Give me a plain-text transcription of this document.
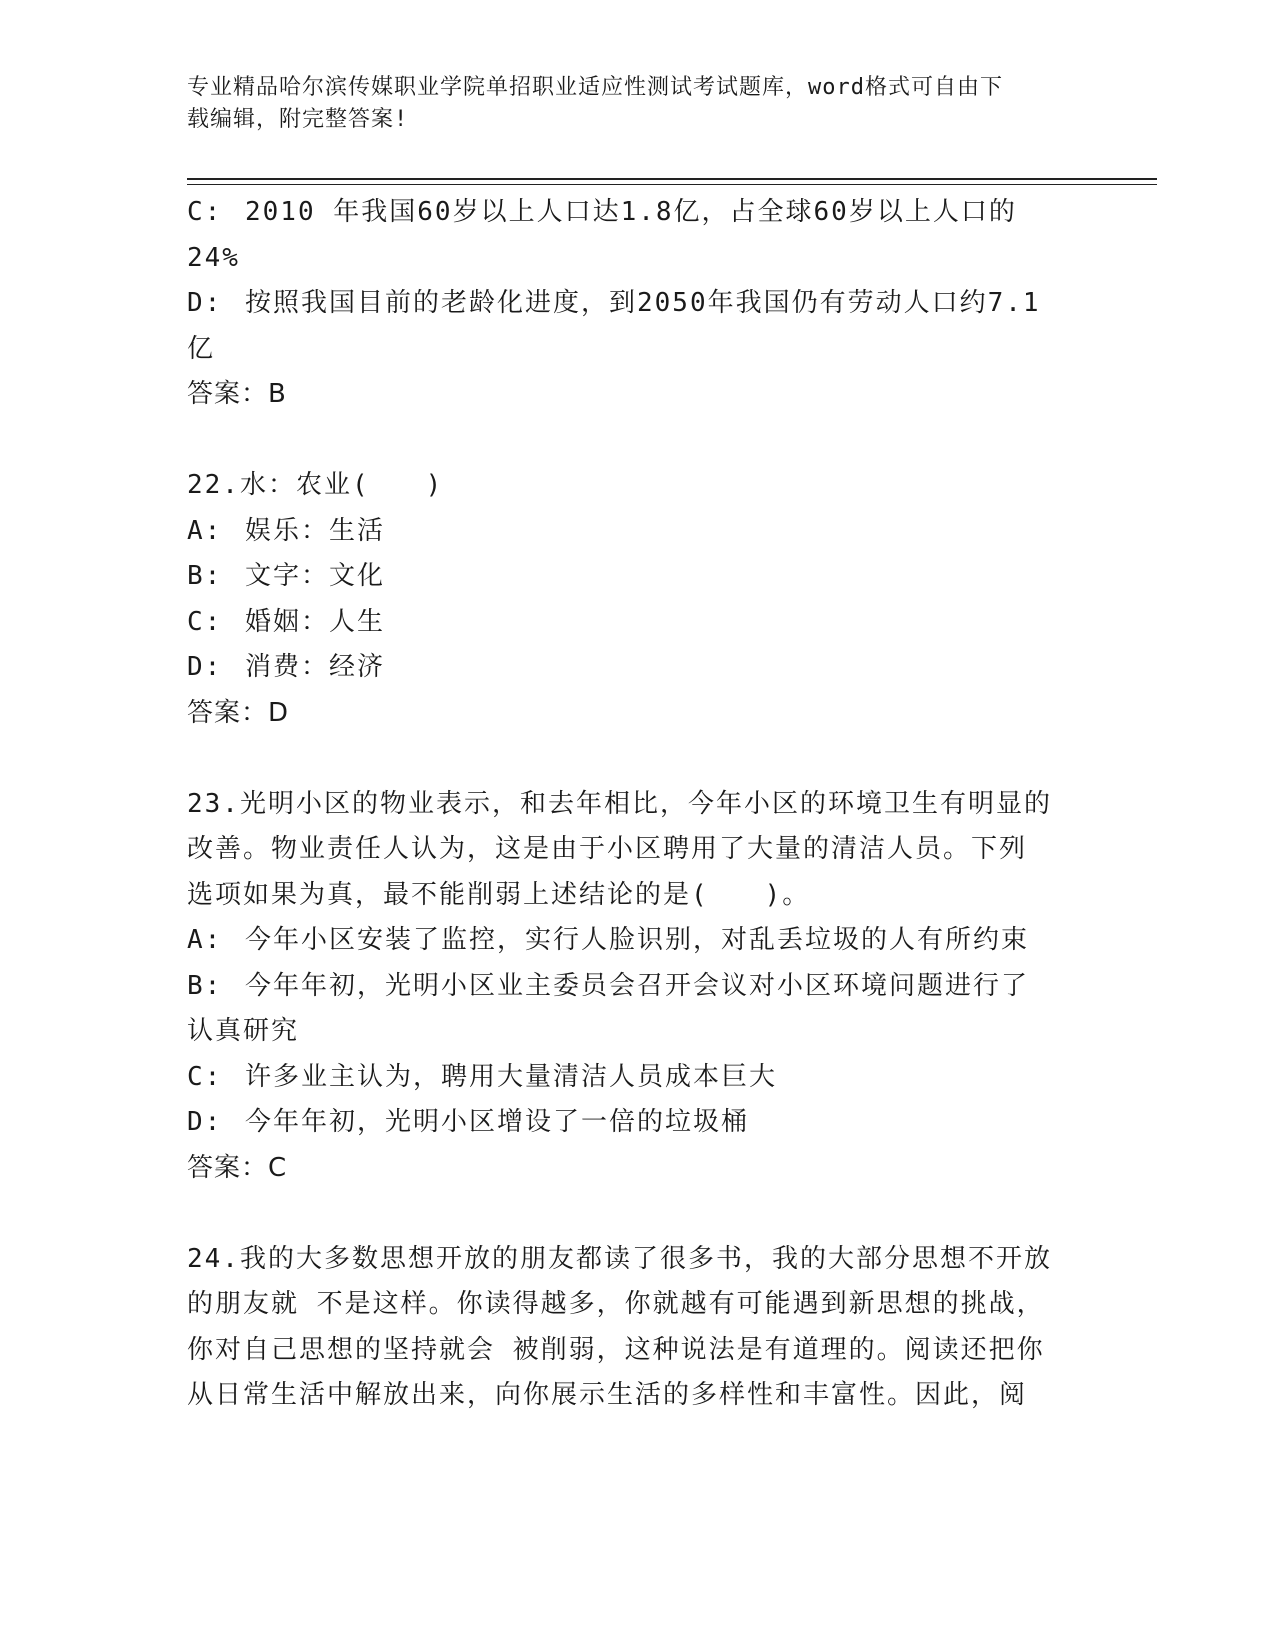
专业精品哈尔滨传媒职业学院单招职业适应性测试考试题库，word格式可自由下
载编辑，附完整答案!
C: 2010 年我国60岁以上人口达1.8亿，占全球60岁以上人口的

24%

D: 按照我国目前的老龄化进度，到2050年我国仍有劳动人口约7.1

亿

答案：B

22.水：农业(　　)

A: 娱乐：生活
B: 文字：文化
C: 婚姻：人生
D: 消费：经济

答案：D

23.光明小区的物业表示，和去年相比，今年小区的环境卫生有明显的

改善。物业责任人认为，这是由于小区聘用了大量的清洁人员。下列

选项如果为真，最不能削弱上述结论的是(　　)。

A: 今年小区安装了监控，实行人脸识别，对乱丢垃圾的人有所约束
B: 今年年初，光明小区业主委员会召开会议对小区环境问题进行了

认真研究

C: 许多业主认为，聘用大量清洁人员成本巨大
D: 今年年初，光明小区增设了一倍的垃圾桶

答案：C

24.我的大多数思想开放的朋友都读了很多书，我的大部分思想不开放

的朋友就 不是这样。你读得越多，你就越有可能遇到新思想的挑战，

你对自己思想的坚持就会 被削弱，这种说法是有道理的。阅读还把你

从日常生活中解放出来，向你展示生活的多样性和丰富性。因此，阅
